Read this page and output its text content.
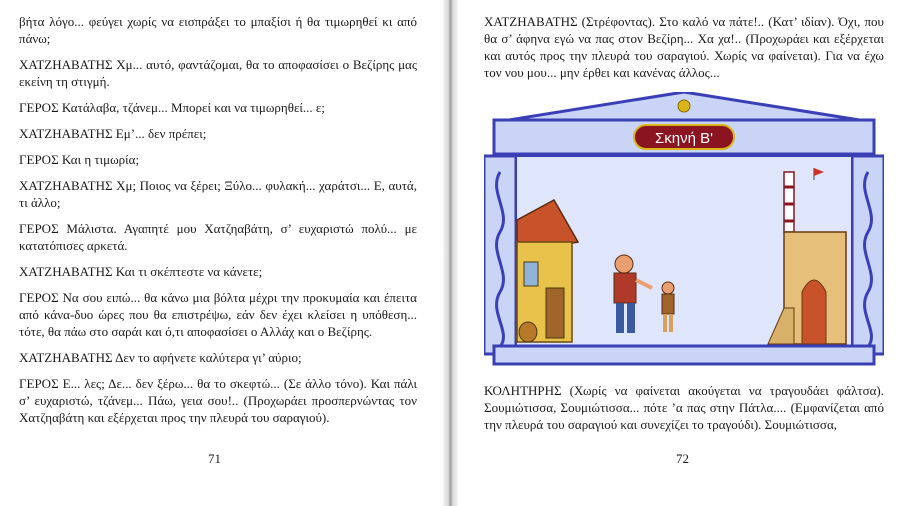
βήτα λόγο... φεύγει χωρίς να εισπράξει το μπαξίσι ή θα τιμωρηθεί κι από πάνω;

ΧΑΤΖΗΑΒΑΤΗΣ Χμ... αυτό, φαντάζομαι, θα το αποφασίσει ο Βεζίρης μας εκείνη τη στιγμή.

ΓΕΡΟΣ Κατάλαβα, τζάνεμ... Μπορεί και να τιμωρηθεί... ε;

ΧΑΤΖΗΑΒΑΤΗΣ Εμ’... δεν πρέπει;

ΓΕΡΟΣ Και η τιμωρία;

ΧΑΤΖΗΑΒΑΤΗΣ Χμ; Ποιος να ξέρει; Ξύλο... φυλακή... χαράτσι... Ε, αυτά, τι άλλο;

ΓΕΡΟΣ Μάλιστα. Αγαπητέ μου Χατζηαβάτη, σ’ ευχαριστώ πολύ... με κατατόπισες αρκετά.

ΧΑΤΖΗΑΒΑΤΗΣ Και τι σκέπτεστε να κάνετε;

ΓΕΡΟΣ Να σου ειπώ... θα κάνω μια βόλτα μέχρι την προκυμαία και έπειτα από κάνα-δυο ώρες που θα επιστρέψω, εάν δεν έχει κλείσει η υπόθεση... τότε, θα πάω στο σαράι και ό,τι αποφασίσει ο Αλλάχ και ο Βεζίρης.

ΧΑΤΖΗΑΒΑΤΗΣ Δεν το αφήνετε καλύτερα γι’ αύριο;

ΓΕΡΟΣ Ε... λες; Δε... δεν ξέρω... θα το σκεφτώ... (Σε άλλο τόνο). Και πάλι σ’ ευχαριστώ, τζάνεμ... Πάω, γεια σου!.. (Προχωράει προσπερνώντας τον Χατζηαβάτη και εξέρχεται προς την πλευρά του σαραγιού).

71

ΧΑΤΖΗΑΒΑΤΗΣ (Στρέφοντας). Στο καλό να πάτε!.. (Κατ’ ιδίαν). Όχι, που θα σ’ άφηνα εγώ να πας στον Βεζίρη... Χα χα!.. (Προχωράει και εξέρχεται και αυτός προς την πλευρά του σαραγιού. Χωρίς να φαίνεται). Για να έχω τον νου μου... μην έρθει και κανένας άλλος...

Σκηνή Β'

ΚΟΛΗΤΗΡΗΣ (Χωρίς να φαίνεται ακούγεται να τραγουδάει φάλτσα). Σουμιώτισσα, Σουμιώτισσα... πότε ’α πας στην Πάτλα.... (Εμφανίζεται από την πλευρά του σαραγιού και συνεχίζει το τραγούδι). Σουμιώτισσα,

72
